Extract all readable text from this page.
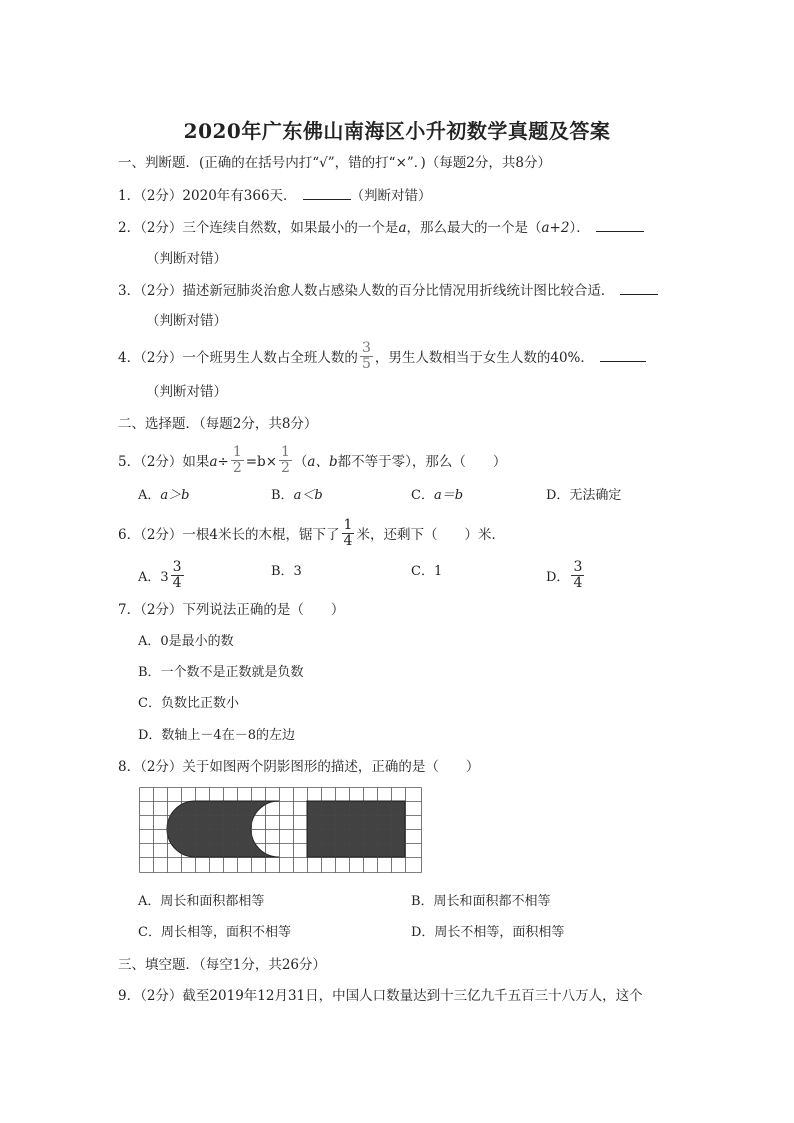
2020年广东佛山南海区小升初数学真题及答案
一、判断题．(正确的在括号内打“√”，错的打“×”．)（每题2分，共8分）
1．（2分）2020年有366天．	（判断对错）
2．（2分）三个连续自然数，如果最小的一个是a，那么最大的一个是（a+2）．
（判断对错）
3．（2分）描述新冠肺炎治愈人数占感染人数的百分比情况用折线统计图比较合适．
（判断对错）
4．（2分）一个班男生人数占全班人数的 $\frac{3}{5}$ ，男生人数相当于女生人数的40%．
（判断对错）
二、选择题．（每题2分，共8分）
5．（2分）如果$a\div \frac{1}{2} =b\times \frac{1}{2} (a$、b都不等于零），那么（　　）
A．a＞b	B．a＜b	C．a＝b	D．无法确定
6．（2分）一根4米长的木棍，锯下了 $\frac{1}{4}$ 米，还剩下（　　）米．
A．$3 \frac{3}{4}$	B．3	C．1	D． $\frac{3}{4}$
7．（2分）下列说法正确的是（　　）
A．0是最小的数
B．一个数不是正数就是负数
C．负数比正数小
D．数轴上－4在－8的左边
8．（2分）关于如图两个阴影图形的描述，正确的是（　　）
A．周长和面积都相等	B．周长和面积都不相等
C．周长相等，面积不相等	D．周长不相等，面积相等
三、填空题．（每空1分，共26分）
9．（2分）截至2019年12月31日，中国人口数量达到十三亿九千五百三十八万人，这个
